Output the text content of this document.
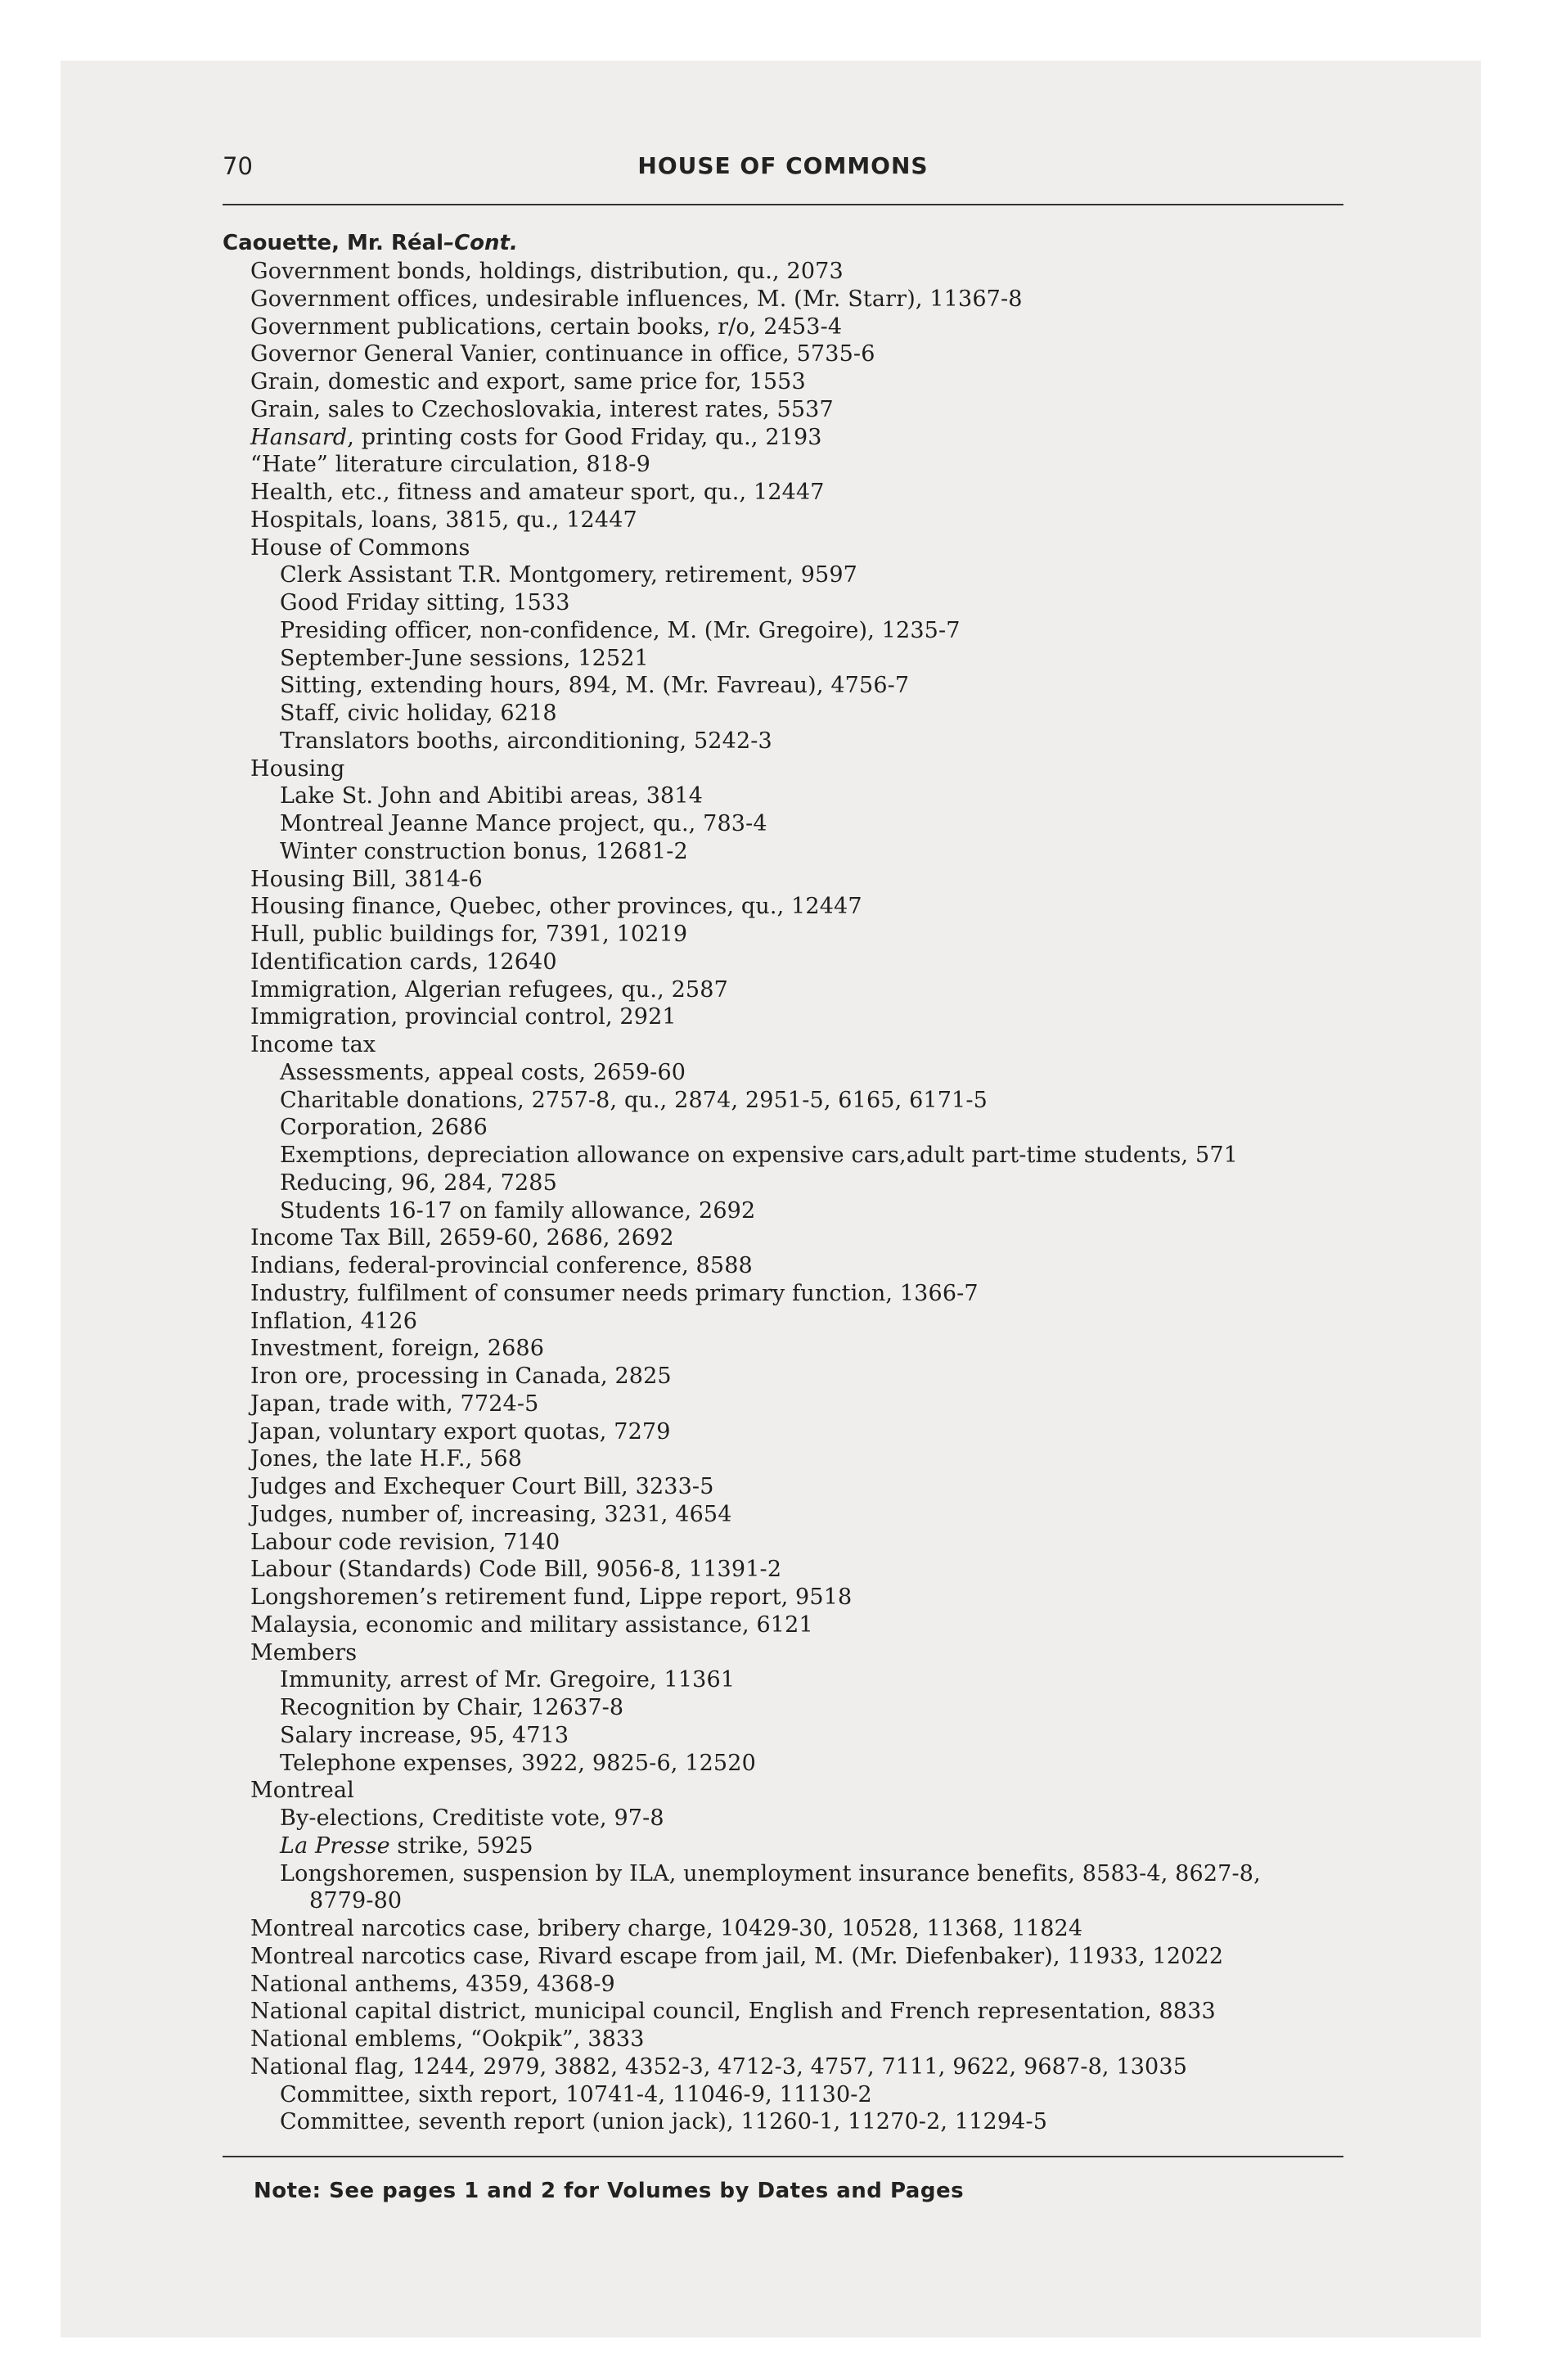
70	HOUSE OF COMMONS
Caouette, Mr. Réal–Cont.
Government bonds, holdings, distribution, qu., 2073
Government offices, undesirable influences, M. (Mr. Starr), 11367-8
Government publications, certain books, r/o, 2453-4
Governor General Vanier, continuance in office, 5735-6
Grain, domestic and export, same price for, 1553
Grain, sales to Czechoslovakia, interest rates, 5537
Hansard, printing costs for Good Friday, qu., 2193
“Hate” literature circulation, 818-9
Health, etc., fitness and amateur sport, qu., 12447
Hospitals, loans, 3815, qu., 12447
House of Commons
Clerk Assistant T.R. Montgomery, retirement, 9597
Good Friday sitting, 1533
Presiding officer, non-confidence, M. (Mr. Gregoire), 1235-7
September-June sessions, 12521
Sitting, extending hours, 894, M. (Mr. Favreau), 4756-7
Staff, civic holiday, 6218
Translators booths, airconditioning, 5242-3
Housing
Lake St. John and Abitibi areas, 3814
Montreal Jeanne Mance project, qu., 783-4
Winter construction bonus, 12681-2
Housing Bill, 3814-6
Housing finance, Quebec, other provinces, qu., 12447
Hull, public buildings for, 7391, 10219
Identification cards, 12640
Immigration, Algerian refugees, qu., 2587
Immigration, provincial control, 2921
Income tax
Assessments, appeal costs, 2659-60
Charitable donations, 2757-8, qu., 2874, 2951-5, 6165, 6171-5
Corporation, 2686
Exemptions, depreciation allowance on expensive cars,adult part-time students, 571
Reducing, 96, 284, 7285
Students 16-17 on family allowance, 2692
Income Tax Bill, 2659-60, 2686, 2692
Indians, federal-provincial conference, 8588
Industry, fulfilment of consumer needs primary function, 1366-7
Inflation, 4126
Investment, foreign, 2686
Iron ore, processing in Canada, 2825
Japan, trade with, 7724-5
Japan, voluntary export quotas, 7279
Jones, the late H.F., 568
Judges and Exchequer Court Bill, 3233-5
Judges, number of, increasing, 3231, 4654
Labour code revision, 7140
Labour (Standards) Code Bill, 9056-8, 11391-2
Longshoremen’s retirement fund, Lippe report, 9518
Malaysia, economic and military assistance, 6121
Members
Immunity, arrest of Mr. Gregoire, 11361
Recognition by Chair, 12637-8
Salary increase, 95, 4713
Telephone expenses, 3922, 9825-6, 12520
Montreal
By-elections, Creditiste vote, 97-8
La Presse strike, 5925
Longshoremen, suspension by ILA, unemployment insurance benefits, 8583-4, 8627-8,
8779-80
Montreal narcotics case, bribery charge, 10429-30, 10528, 11368, 11824
Montreal narcotics case, Rivard escape from jail, M. (Mr. Diefenbaker), 11933, 12022
National anthems, 4359, 4368-9
National capital district, municipal council, English and French representation, 8833
National emblems, “Ookpik”, 3833
National flag, 1244, 2979, 3882, 4352-3, 4712-3, 4757, 7111, 9622, 9687-8, 13035
Committee, sixth report, 10741-4, 11046-9, 11130-2
Committee, seventh report (union jack), 11260-1, 11270-2, 11294-5
Note: See pages 1 and 2 for Volumes by Dates and Pages
